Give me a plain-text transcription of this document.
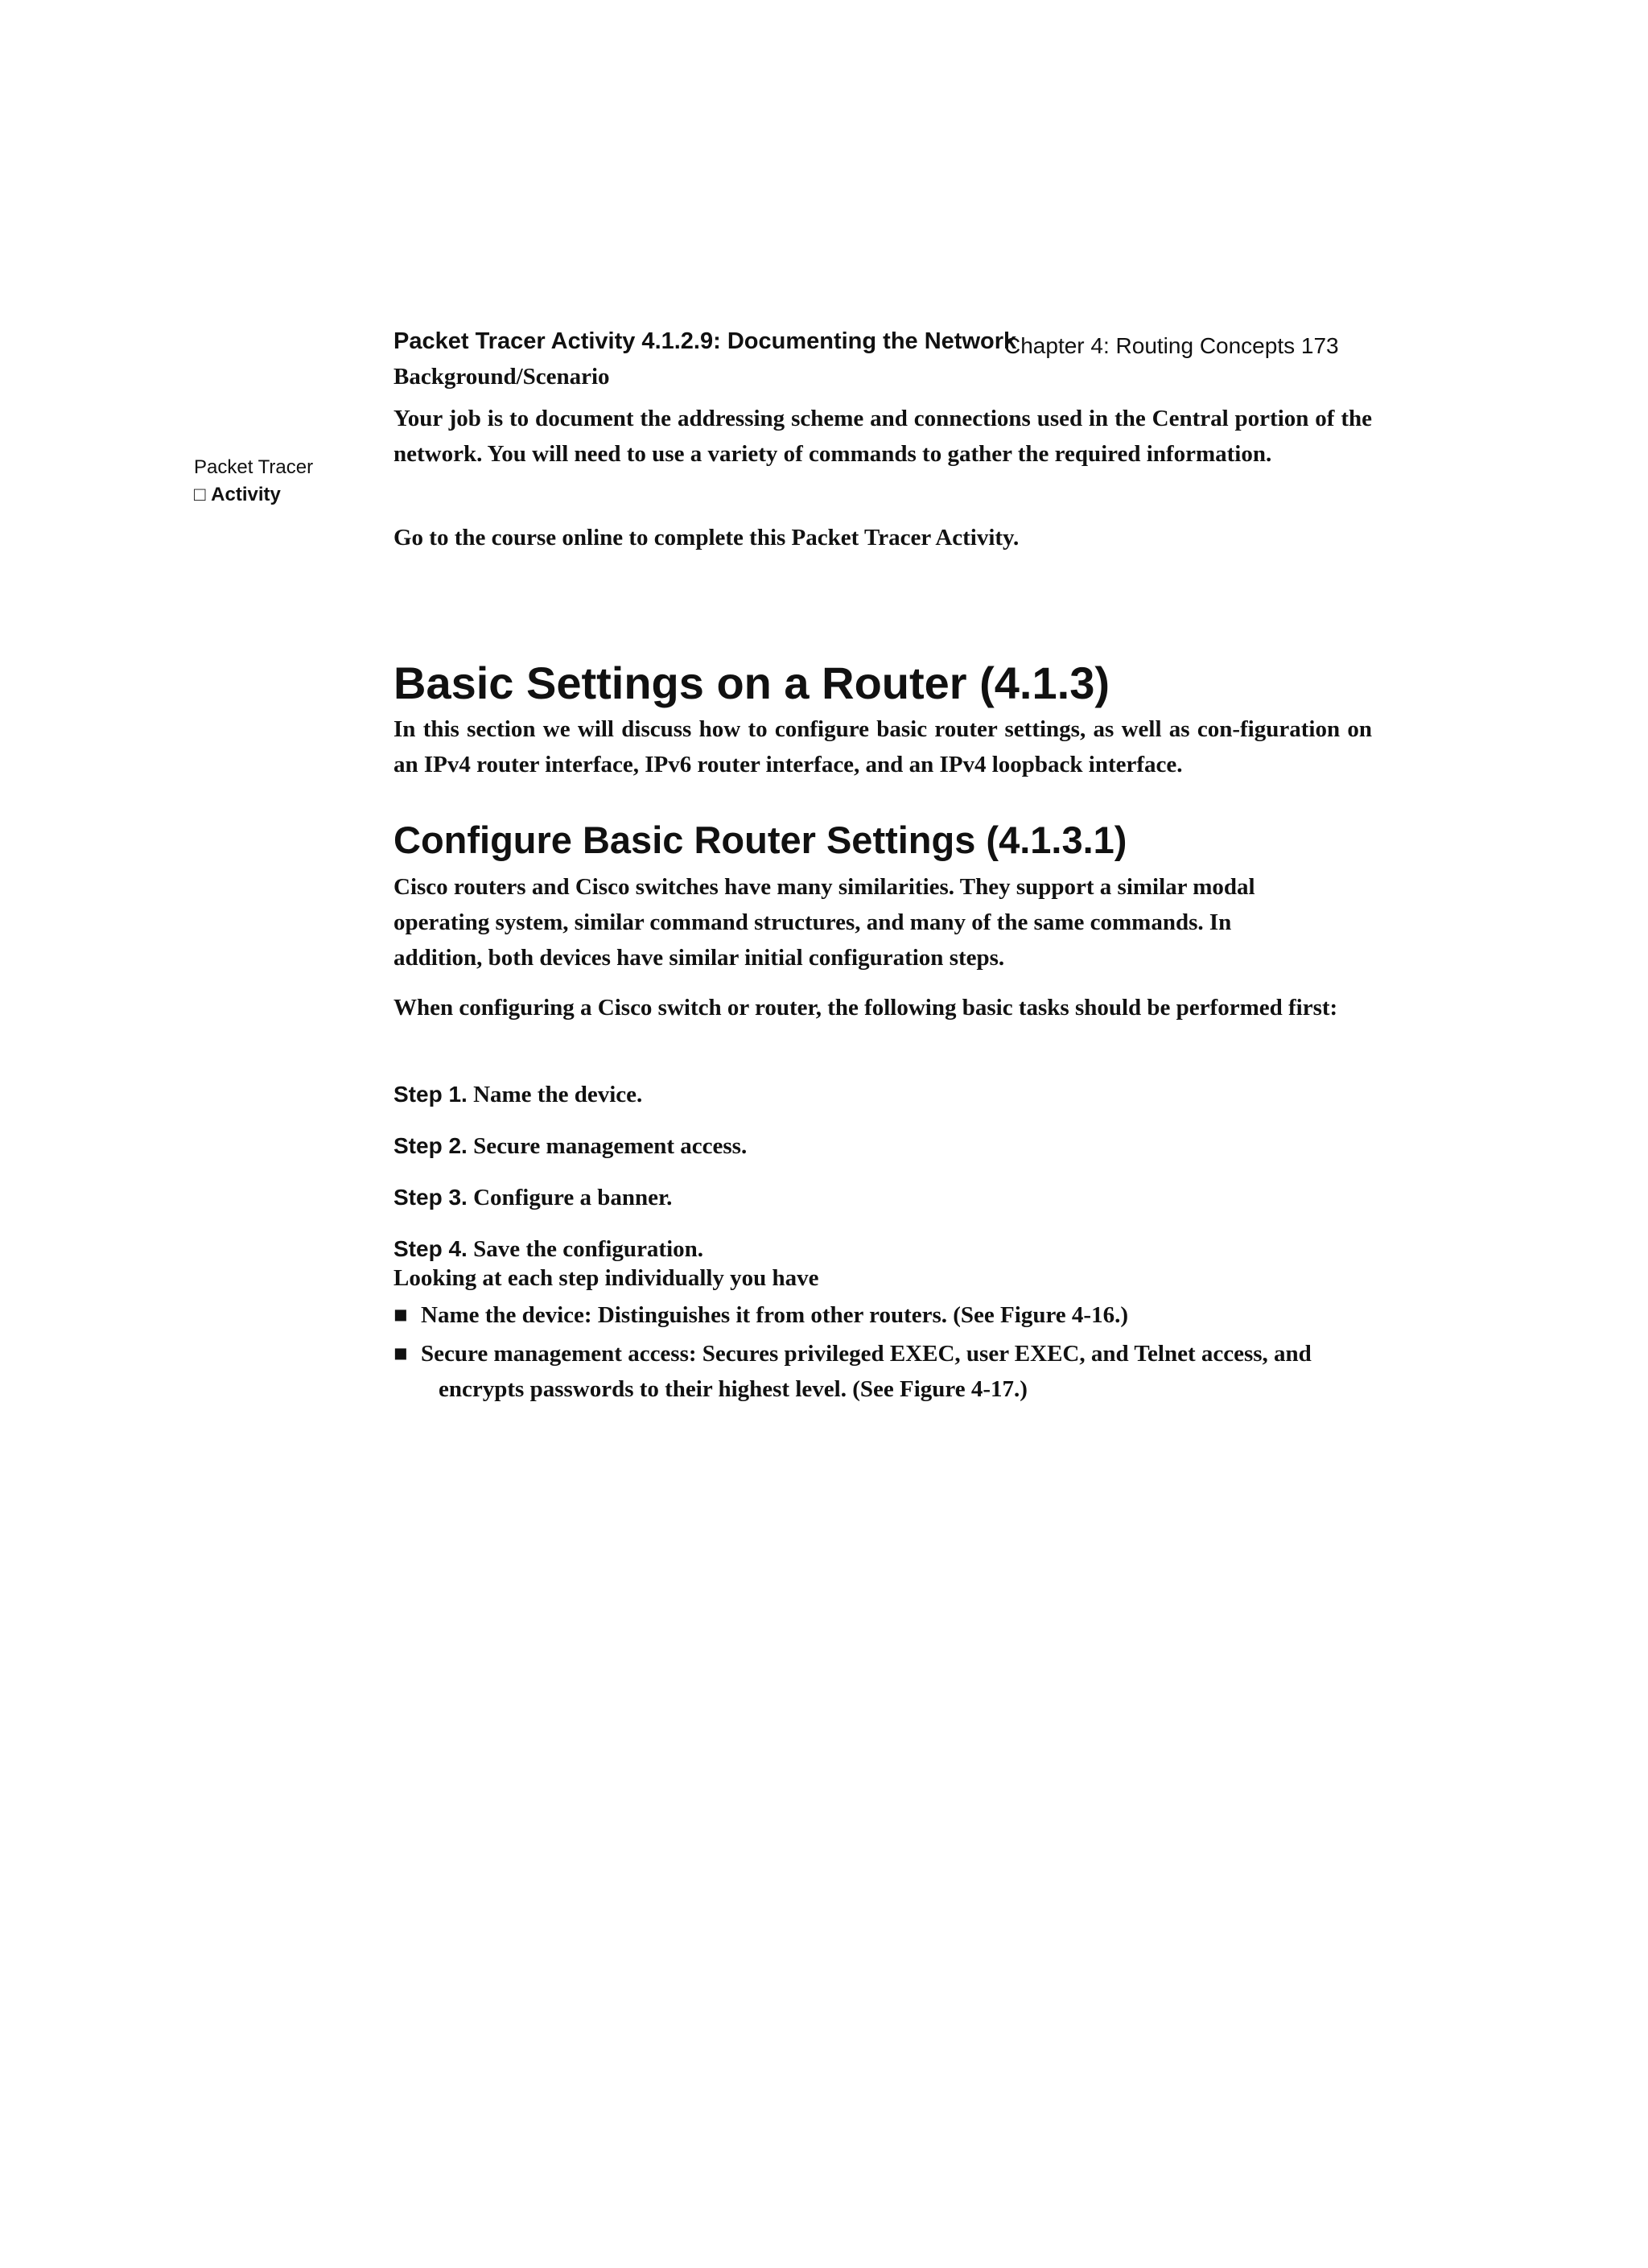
Packet Tracer Activity 4.1.2.9: Documenting the Network
Chapter 4: Routing Concepts 173
Packet Tracer
□ Activity
Background/Scenario

Your job is to document the addressing scheme and connections used in the Central portion of the network. You will need to use a variety of commands to gather the required information.

Go to the course online to complete this Packet Tracer Activity.

Basic Settings on a Router (4.1.3)

In this section we will discuss how to configure basic router settings, as well as con-figuration on an IPv4 router interface, IPv6 router interface, and an IPv4 loopback interface.

Configure Basic Router Settings (4.1.3.1)
Cisco routers and Cisco switches have many similarities. They support a similar modal
operating system, similar command structures, and many of the same commands. In
addition, both devices have similar initial configuration steps.

When configuring a Cisco switch or router, the following basic tasks should be performed first:

Step 1. Name the device.
Step 2. Secure management access.
Step 3. Configure a banner.
Step 4. Save the configuration.

Looking at each step individually you have

■ Name the device: Distinguishes it from other routers. (See Figure 4-16.)
■ Secure management access: Secures privileged EXEC, user EXEC, and Telnet access, and
encrypts passwords to their highest level. (See Figure 4-17.)
